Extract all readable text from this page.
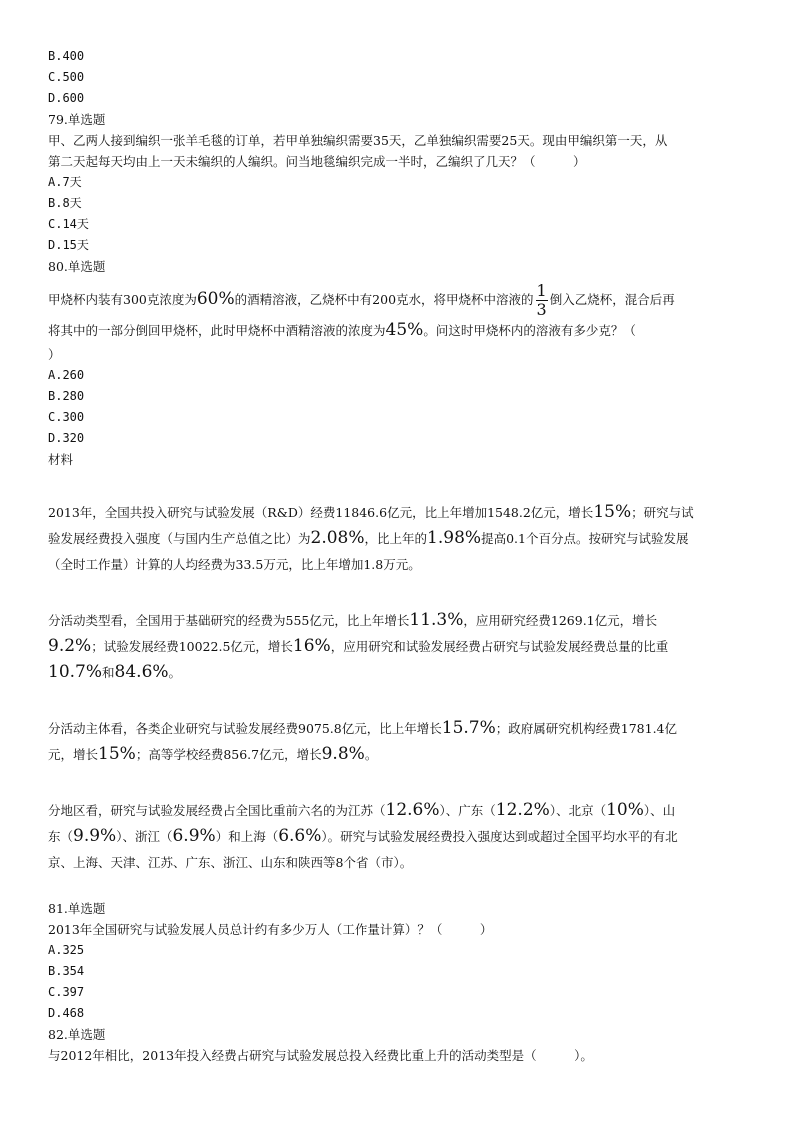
B.400
C.500
D.600
79.单选题
甲、乙两人接到编织一张羊毛毯的订单，若甲单独编织需要35天，乙单独编织需要25天。现由甲编织第一天，从
第二天起每天均由上一天未编织的人编织。问当地毯编织完成一半时，乙编织了几天？（　　　）
A.7天
B.8天
C.14天
D.15天
80.单选题
甲烧杯内装有300克浓度为60%的酒精溶液，乙烧杯中有200克水，将甲烧杯中溶液的 $\frac{1}{3}$ 倒入乙烧杯，混合后再
将其中的一部分倒回甲烧杯，此时甲烧杯中酒精溶液的浓度为45%。问这时甲烧杯内的溶液有多少克？（
）
A.260
B.280
C.300
D.320
材料
2013年，全国共投入研究与试验发展（R&D）经费11846.6亿元，比上年增加1548.2亿元，增长15%；研究与试
验发展经费投入强度（与国内生产总值之比）为2.08%，比上年的1.98%提高0.1个百分点。按研究与试验发展
（全时工作量）计算的人均经费为33.5万元，比上年增加1.8万元。
分活动类型看，全国用于基础研究的经费为555亿元，比上年增长11.3%，应用研究经费1269.1亿元，增长
9.2%；试验发展经费10022.5亿元，增长16%，应用研究和试验发展经费占研究与试验发展经费总量的比重
10.7%和84.6%。
分活动主体看，各类企业研究与试验发展经费9075.8亿元，比上年增长15.7%；政府属研究机构经费1781.4亿
元，增长15%；高等学校经费856.7亿元，增长9.8%。
分地区看，研究与试验发展经费占全国比重前六名的为江苏（12.6%）、广东（12.2%）、北京（10%）、山
东（9.9%）、浙江（6.9%）和上海（6.6%）。研究与试验发展经费投入强度达到或超过全国平均水平的有北
京、上海、天津、江苏、广东、浙江、山东和陕西等8个省（市）。
81.单选题
2013年全国研究与试验发展人员总计约有多少万人（工作量计算）？（　　　）
A.325
B.354
C.397
D.468
82.单选题
与2012年相比，2013年投入经费占研究与试验发展总投入经费比重上升的活动类型是（　　　）。
